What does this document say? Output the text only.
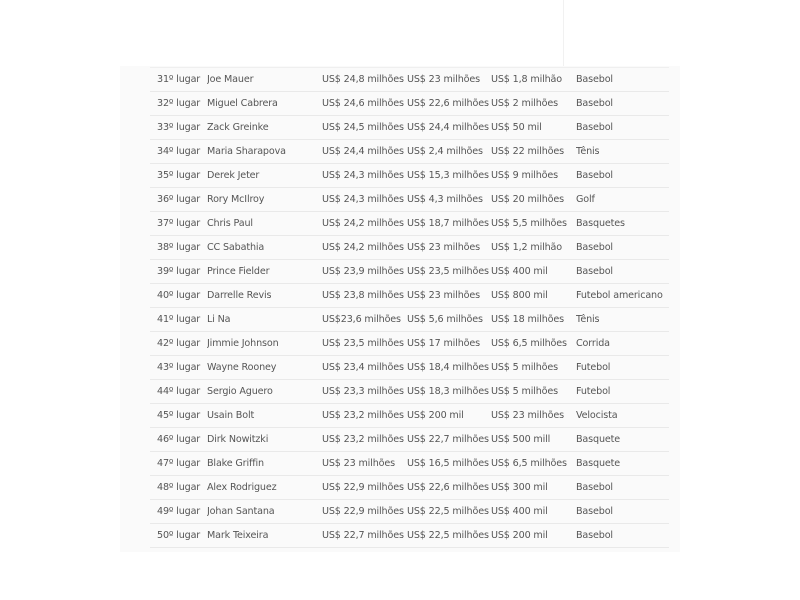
31º lugar	Joe Mauer	US$ 24,8 milhões	US$ 23 milhões	US$ 1,8 milhão	Basebol
32º lugar	Miguel Cabrera	US$ 24,6 milhões	US$ 22,6 milhões	US$ 2 milhões	Basebol
33º lugar	Zack Greinke	US$ 24,5 milhões	US$ 24,4 milhões	US$ 50 mil	Basebol
34º lugar	Maria Sharapova	US$ 24,4 milhões	US$ 2,4 milhões	US$ 22 milhões	Tênis
35º lugar	Derek Jeter	US$ 24,3 milhões	US$ 15,3 milhões	US$ 9 milhões	Basebol
36º lugar	Rory McIlroy	US$ 24,3 milhões	US$ 4,3 milhões	US$ 20 milhões	Golf
37º lugar	Chris Paul	US$ 24,2 milhões	US$ 18,7 milhões	US$ 5,5 milhões	Basquetes
38º lugar	CC Sabathia	US$ 24,2 milhões	US$ 23 milhões	US$ 1,2 milhão	Basebol
39º lugar	Prince Fielder	US$ 23,9 milhões	US$ 23,5 milhões	US$ 400 mil	Basebol
40º lugar	Darrelle Revis	US$ 23,8 milhões	US$ 23 milhões	US$ 800 mil	Futebol americano
41º lugar	Li Na	US$23,6 milhões	US$ 5,6 milhões	US$ 18 milhões	Tênis
42º lugar	Jimmie Johnson	US$ 23,5 milhões	US$ 17 milhões	US$ 6,5 milhões	Corrida
43º lugar	Wayne Rooney	US$ 23,4 milhões	US$ 18,4 milhões	US$ 5 milhões	Futebol
44º lugar	Sergio Aguero	US$ 23,3 milhões	US$ 18,3 milhões	US$ 5 milhões	Futebol
45º lugar	Usain Bolt	US$ 23,2 milhões	US$ 200 mil	US$ 23 milhões	Velocista
46º lugar	Dirk Nowitzki	US$ 23,2 milhões	US$ 22,7 milhões	US$ 500 mill	Basquete
47º lugar	Blake Griffin	US$ 23 milhões	US$ 16,5 milhões	US$ 6,5 milhões	Basquete
48º lugar	Alex Rodriguez	US$ 22,9 milhões	US$ 22,6 milhões	US$ 300 mil	Basebol
49º lugar	Johan Santana	US$ 22,9 milhões	US$ 22,5 milhões	US$ 400 mil	Basebol
50º lugar	Mark Teixeira	US$ 22,7 milhões	US$ 22,5 milhões	US$ 200 mil	Basebol
